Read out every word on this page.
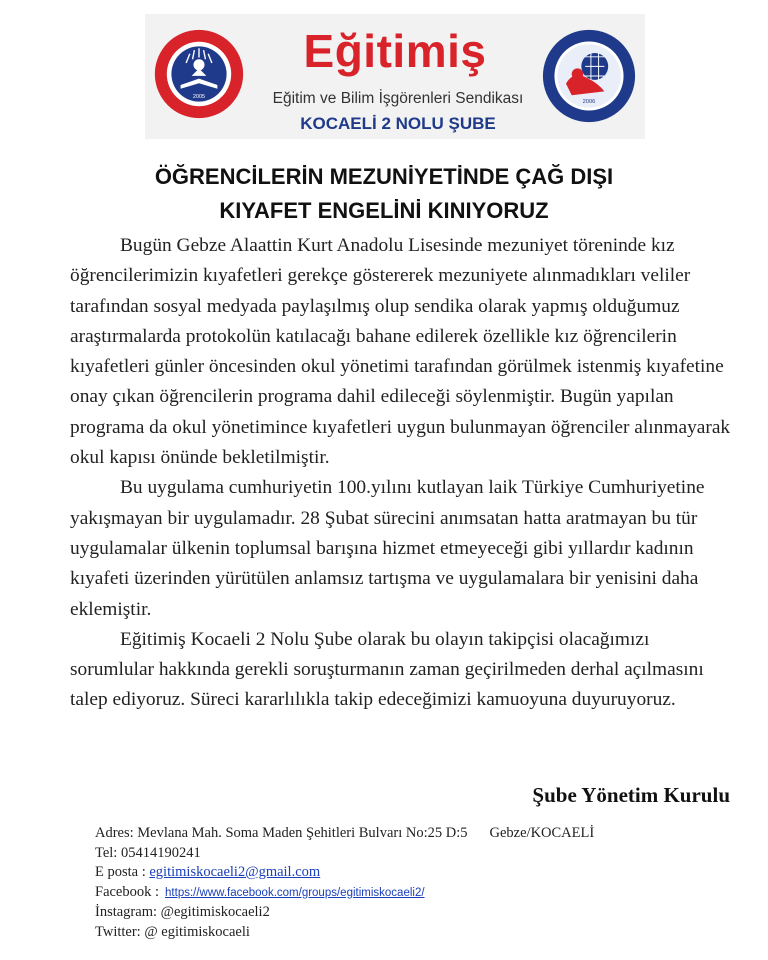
2005
Eğitimiş
Eğitim ve Bilim İşgörenleri Sendikası
KOCAELİ 2 NOLU ŞUBE
2006
ÖĞRENCİLERİN MEZUNİYETİNDE ÇAĞ DIŞI
KIYAFET ENGELİNİ KINIYORUZ

Bugün Gebze Alaattin Kurt Anadolu Lisesinde mezuniyet töreninde kız öğrencilerimizin kıyafetleri gerekçe göstererek mezuniyete alınmadıkları veliler tarafından sosyal medyada paylaşılmış olup sendika olarak yapmış olduğumuz araştırmalarda protokolün katılacağı bahane edilerek özellikle kız öğrencilerin kıyafetleri günler öncesinden okul yönetimi tarafından görülmek istenmiş kıyafetine onay çıkan öğrencilerin programa dahil edileceği söylenmiştir. Bugün yapılan programa da okul yönetimince kıyafetleri uygun bulunmayan öğrenciler alınmayarak okul kapısı önünde bekletilmiştir.

Bu uygulama cumhuriyetin 100.yılını kutlayan laik Türkiye Cumhuriyetine yakışmayan bir uygulamadır. 28 Şubat sürecini anımsatan hatta aratmayan bu tür uygulamalar ülkenin toplumsal barışına hizmet etmeyeceği gibi yıllardır kadının kıyafeti üzerinden yürütülen anlamsız tartışma ve uygulamalara bir yenisini daha eklemiştir.

Eğitimiş Kocaeli 2 Nolu Şube olarak bu olayın takipçisi olacağımızı sorumlular hakkında gerekli soruşturmanın zaman geçirilmeden derhal açılmasını talep ediyoruz. Süreci kararlılıkla takip edeceğimizi kamuoyuna duyuruyoruz.

Şube Yönetim Kurulu
Adres: Mevlana Mah. Soma Maden Şehitleri Bulvarı No:25 D:5 Gebze/KOCAELİ
Tel: 05414190241
E posta : egitimiskocaeli2@gmail.com
Facebook : https://www.facebook.com/groups/egitimiskocaeli2/
İnstagram: @egitimiskocaeli2
Twitter: @ egitimiskocaeli
